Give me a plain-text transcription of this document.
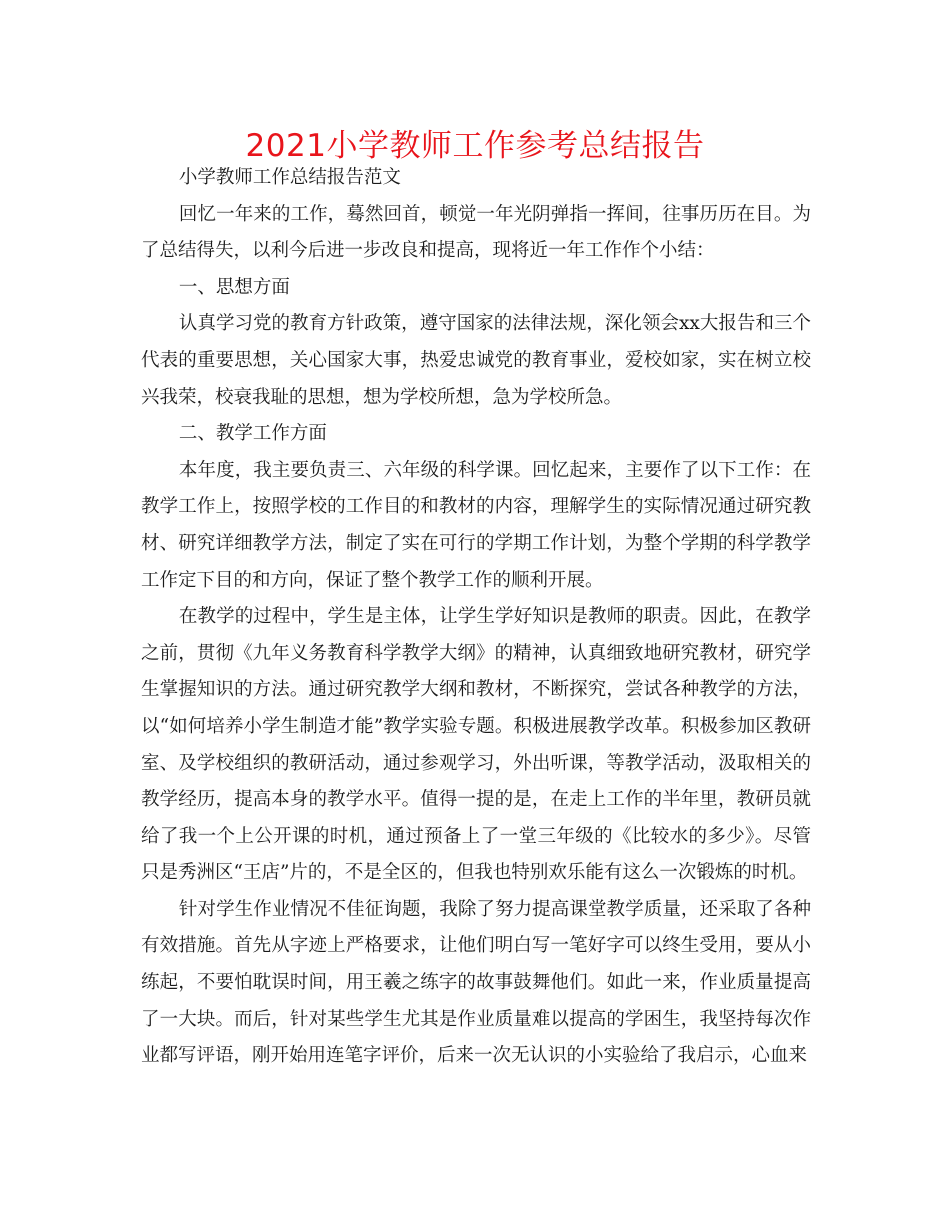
2021小学教师工作参考总结报告

小学教师工作总结报告范文

回忆一年来的工作，蓦然回首，顿觉一年光阴弹指一挥间，往事历历在目。为了总结得失，以利今后进一步改良和提高，现将近一年工作作个小结：

一、思想方面

认真学习党的教育方针政策，遵守国家的法律法规，深化领会xx大报告和三个代表的重要思想，关心国家大事，热爱忠诚党的教育事业，爱校如家，实在树立校兴我荣，校衰我耻的思想，想为学校所想，急为学校所急。

二、教学工作方面

本年度，我主要负责三、六年级的科学课。回忆起来，主要作了以下工作：在教学工作上，按照学校的工作目的和教材的内容，理解学生的实际情况通过研究教材、研究详细教学方法，制定了实在可行的学期工作计划，为整个学期的科学教学工作定下目的和方向，保证了整个教学工作的顺利开展。

在教学的过程中，学生是主体，让学生学好知识是教师的职责。因此，在教学之前，贯彻《九年义务教育科学教学大纲》的精神，认真细致地研究教材，研究学生掌握知识的方法。通过研究教学大纲和教材，不断探究，尝试各种教学的方法，以“如何培养小学生制造才能”教学实验专题。积极进展教学改革。积极参加区教研室、及学校组织的教研活动，通过参观学习，外出听课，等教学活动，汲取相关的教学经历，提高本身的教学水平。值得一提的是，在走上工作的半年里，教研员就给了我一个上公开课的时机，通过预备上了一堂三年级的《比较水的多少》。尽管只是秀洲区“王店”片的，不是全区的，但我也特别欢乐能有这么一次锻炼的时机。

针对学生作业情况不佳征询题，我除了努力提高课堂教学质量，还采取了各种有效措施。首先从字迹上严格要求，让他们明白写一笔好字可以终生受用，要从小练起，不要怕耽误时间，用王羲之练字的故事鼓舞他们。如此一来，作业质量提高了一大块。而后，针对某些学生尤其是作业质量难以提高的学困生，我坚持每次作业都写评语，刚开始用连笔字评价，后来一次无认识的小实验给了我启示，心血来
